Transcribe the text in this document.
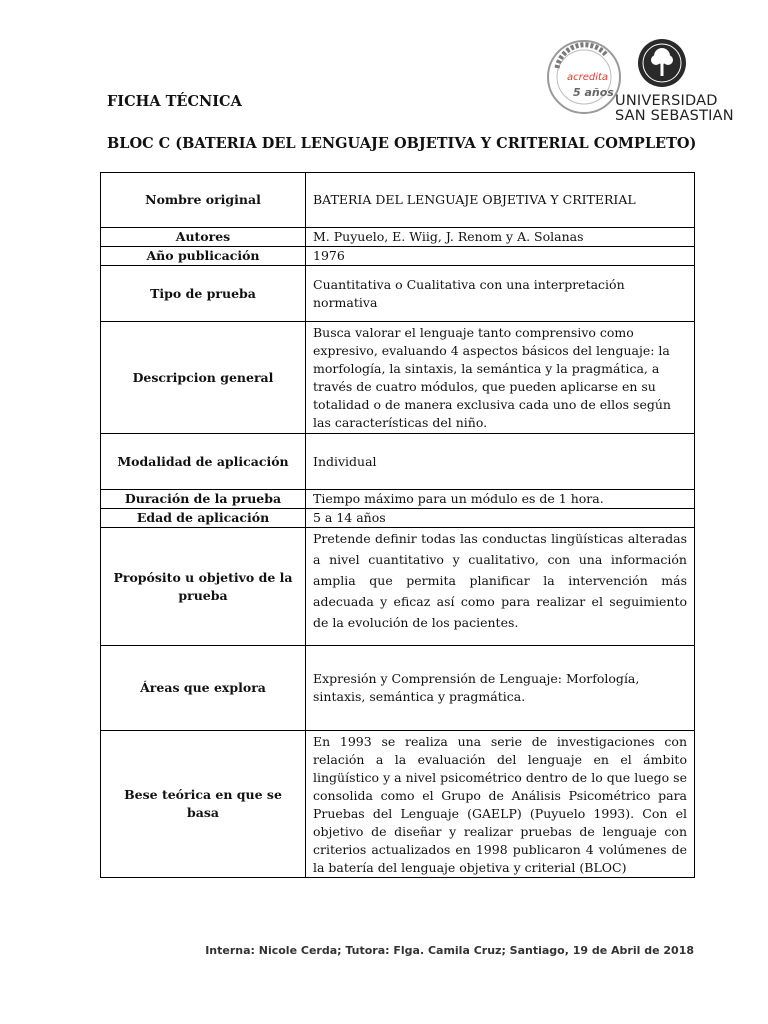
acredita
5 años
UNIVERSIDAD
SAN SEBASTIAN
FICHA TÉCNICA
BLOC C (BATERIA DEL LENGUAJE OBJETIVA Y CRITERIAL COMPLETO)
Nombre original	BATERIA DEL LENGUAJE OBJETIVA Y CRITERIAL
Autores	M. Puyuelo, E. Wiig, J. Renom y A. Solanas
Año publicación	1976
Tipo de prueba	Cuantitativa o Cualitativa con una interpretación normativa
Descripcion general	Busca valorar el lenguaje tanto comprensivo como expresivo, evaluando 4 aspectos básicos del lenguaje: la morfología, la sintaxis, la semántica y la pragmática, a través de cuatro módulos, que pueden aplicarse en su totalidad o de manera exclusiva cada uno de ellos según las características del niño.
Modalidad de aplicación	Individual
Duración de la prueba	Tiempo máximo para un módulo es de 1 hora.
Edad de aplicación	5 a 14 años
Propósito u objetivo de la prueba	Pretende definir todas las conductas lingüísticas alteradas a nivel cuantitativo y cualitativo, con una información amplia que permita planificar la intervención más adecuada y eficaz así como para realizar el seguimiento de la evolución de los pacientes.
Áreas que explora	Expresión y Comprensión de Lenguaje: Morfología, sintaxis, semántica y pragmática.
Bese teórica en que se basa	En 1993 se realiza una serie de investigaciones con relación a la evaluación del lenguaje en el ámbito lingüístico y a nivel psicométrico dentro de lo que luego se consolida como el Grupo de Análisis Psicométrico para Pruebas del Lenguaje (GAELP) (Puyuelo 1993). Con el objetivo de diseñar y realizar pruebas de lenguaje con criterios actualizados en 1998 publicaron 4 volúmenes de la batería del lenguaje objetiva y criterial (BLOC)
Interna: Nicole Cerda; Tutora: Flga. Camila Cruz; Santiago, 19 de Abril de 2018
